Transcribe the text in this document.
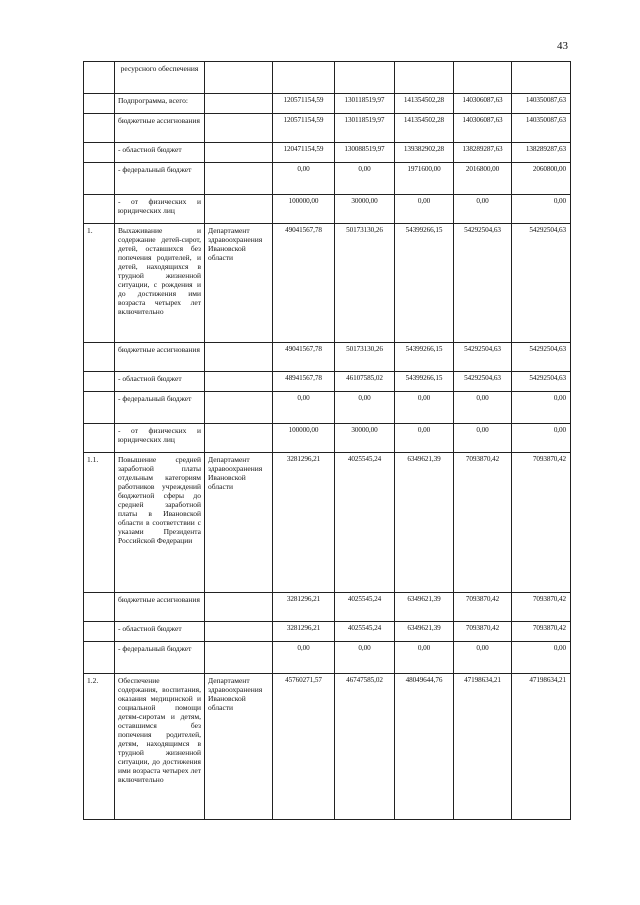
43
	ресурсного обеспечения						
	Подпрограмма, всего:		120571154,59	130118519,97	141354502,28	140306087,63	140350087,63
	бюджетные ассигнования		120571154,59	130118519,97	141354502,28	140306087,63	140350087,63
	- областной бюджет		120471154,59	130088519,97	139382902,28	138289287,63	138289287,63
	- федеральный бюджет		0,00	0,00	1971600,00	2016800,00	2060800,00
	- от физических и юридических лиц		100000,00	30000,00	0,00	0,00	0,00
1.	Выхаживание и содержание детей-сирот, детей, оставшихся без попечения родителей, и детей, находящихся в трудной жизненной ситуации, с рождения и до достижения ими возраста четырех лет включительно	Департамент здравоохранения Ивановской области	49041567,78	50173130,26	54399266,15	54292504,63	54292504,63
	бюджетные ассигнования		49041567,78	50173130,26	54399266,15	54292504,63	54292504,63
	- областной бюджет		48941567,78	46107585,02	54399266,15	54292504,63	54292504,63
	- федеральный бюджет		0,00	0,00	0,00	0,00	0,00
	- от физических и юридических лиц		100000,00	30000,00	0,00	0,00	0,00
1.1.	Повышение средней заработной платы отдельным категориям работников учреждений бюджетной сферы до средней заработной платы в Ивановской области в соответствии с указами Президента Российской Федерации	Департамент здравоохранения Ивановской области	3281296,21	4025545,24	6349621,39	7093870,42	7093870,42
	бюджетные ассигнования		3281296,21	4025545,24	6349621,39	7093870,42	7093870,42
	- областной бюджет		3281296,21	4025545,24	6349621,39	7093870,42	7093870,42
	- федеральный бюджет		0,00	0,00	0,00	0,00	0,00
1.2.	Обеспечение содержания, воспитания, оказания медицинской и социальной помощи детям-сиротам и детям, оставшимся без попечения родителей, детям, находящимся в трудной жизненной ситуации, до достижения ими возраста четырех лет включительно	Департамент здравоохранения Ивановской области	45760271,57	46747585,02	48049644,76	47198634,21	47198634,21
